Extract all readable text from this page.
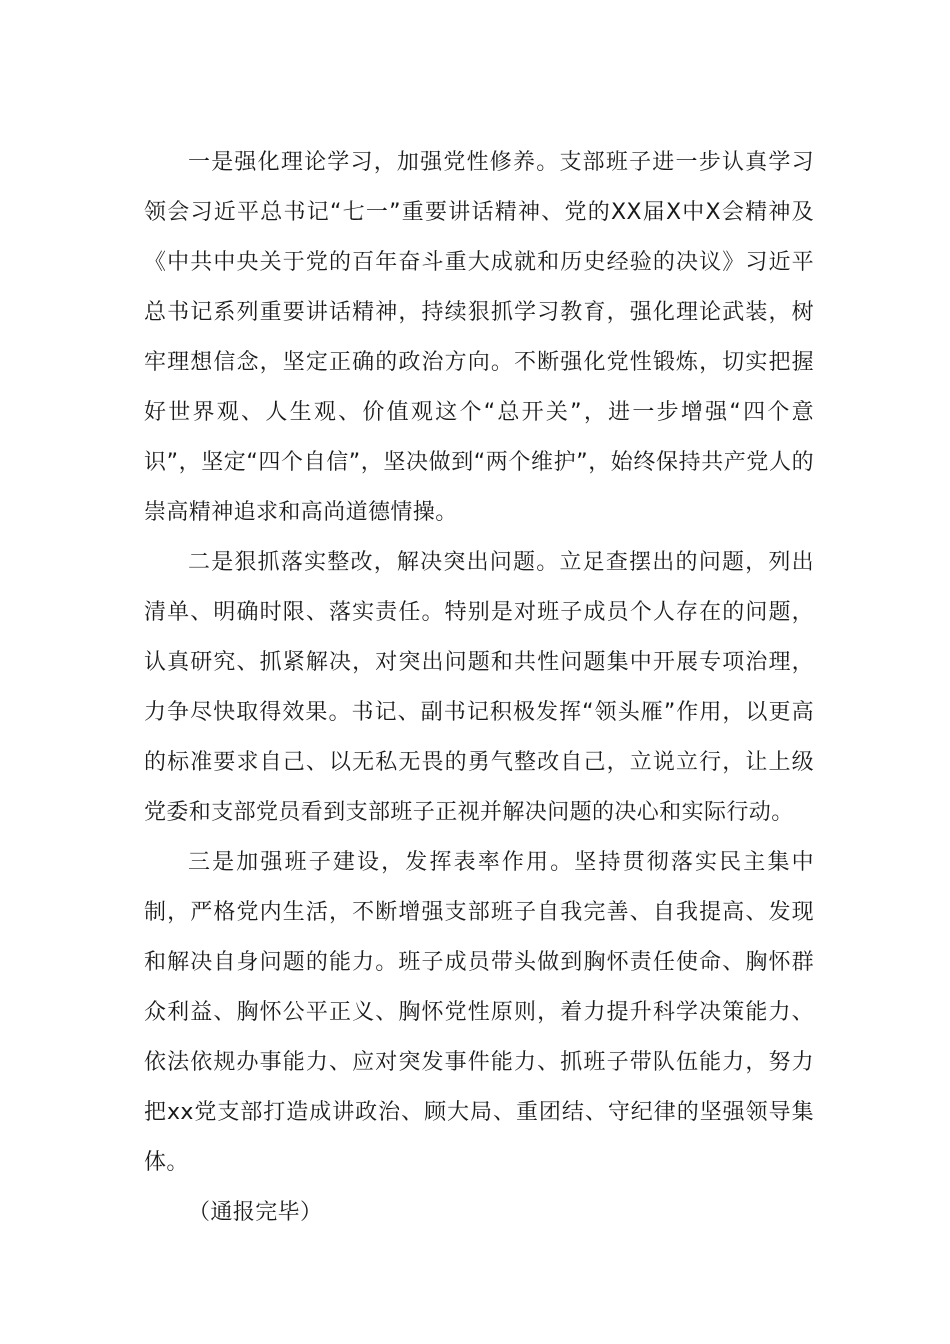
一是强化理论学习，加强党性修养。支部班子进一步认真学习领会习近平总书记“七一”重要讲话精神、党的XX届X中X会精神及《中共中央关于党的百年奋斗重大成就和历史经验的决议》习近平总书记系列重要讲话精神，持续狠抓学习教育，强化理论武装，树牢理想信念，坚定正确的政治方向。不断强化党性锻炼，切实把握好世界观、人生观、价值观这个“总开关”，进一步增强“四个意识”，坚定“四个自信”，坚决做到“两个维护”，始终保持共产党人的崇高精神追求和高尚道德情操。

二是狠抓落实整改，解决突出问题。立足查摆出的问题，列出清单、明确时限、落实责任。特别是对班子成员个人存在的问题，认真研究、抓紧解决，对突出问题和共性问题集中开展专项治理，力争尽快取得效果。书记、副书记积极发挥“领头雁”作用，以更高的标准要求自己、以无私无畏的勇气整改自己，立说立行，让上级党委和支部党员看到支部班子正视并解决问题的决心和实际行动。

三是加强班子建设，发挥表率作用。坚持贯彻落实民主集中制，严格党内生活，不断增强支部班子自我完善、自我提高、发现和解决自身问题的能力。班子成员带头做到胸怀责任使命、胸怀群众利益、胸怀公平正义、胸怀党性原则，着力提升科学决策能力、依法依规办事能力、应对突发事件能力、抓班子带队伍能力，努力把xx党支部打造成讲政治、顾大局、重团结、守纪律的坚强领导集体。

（通报完毕）
